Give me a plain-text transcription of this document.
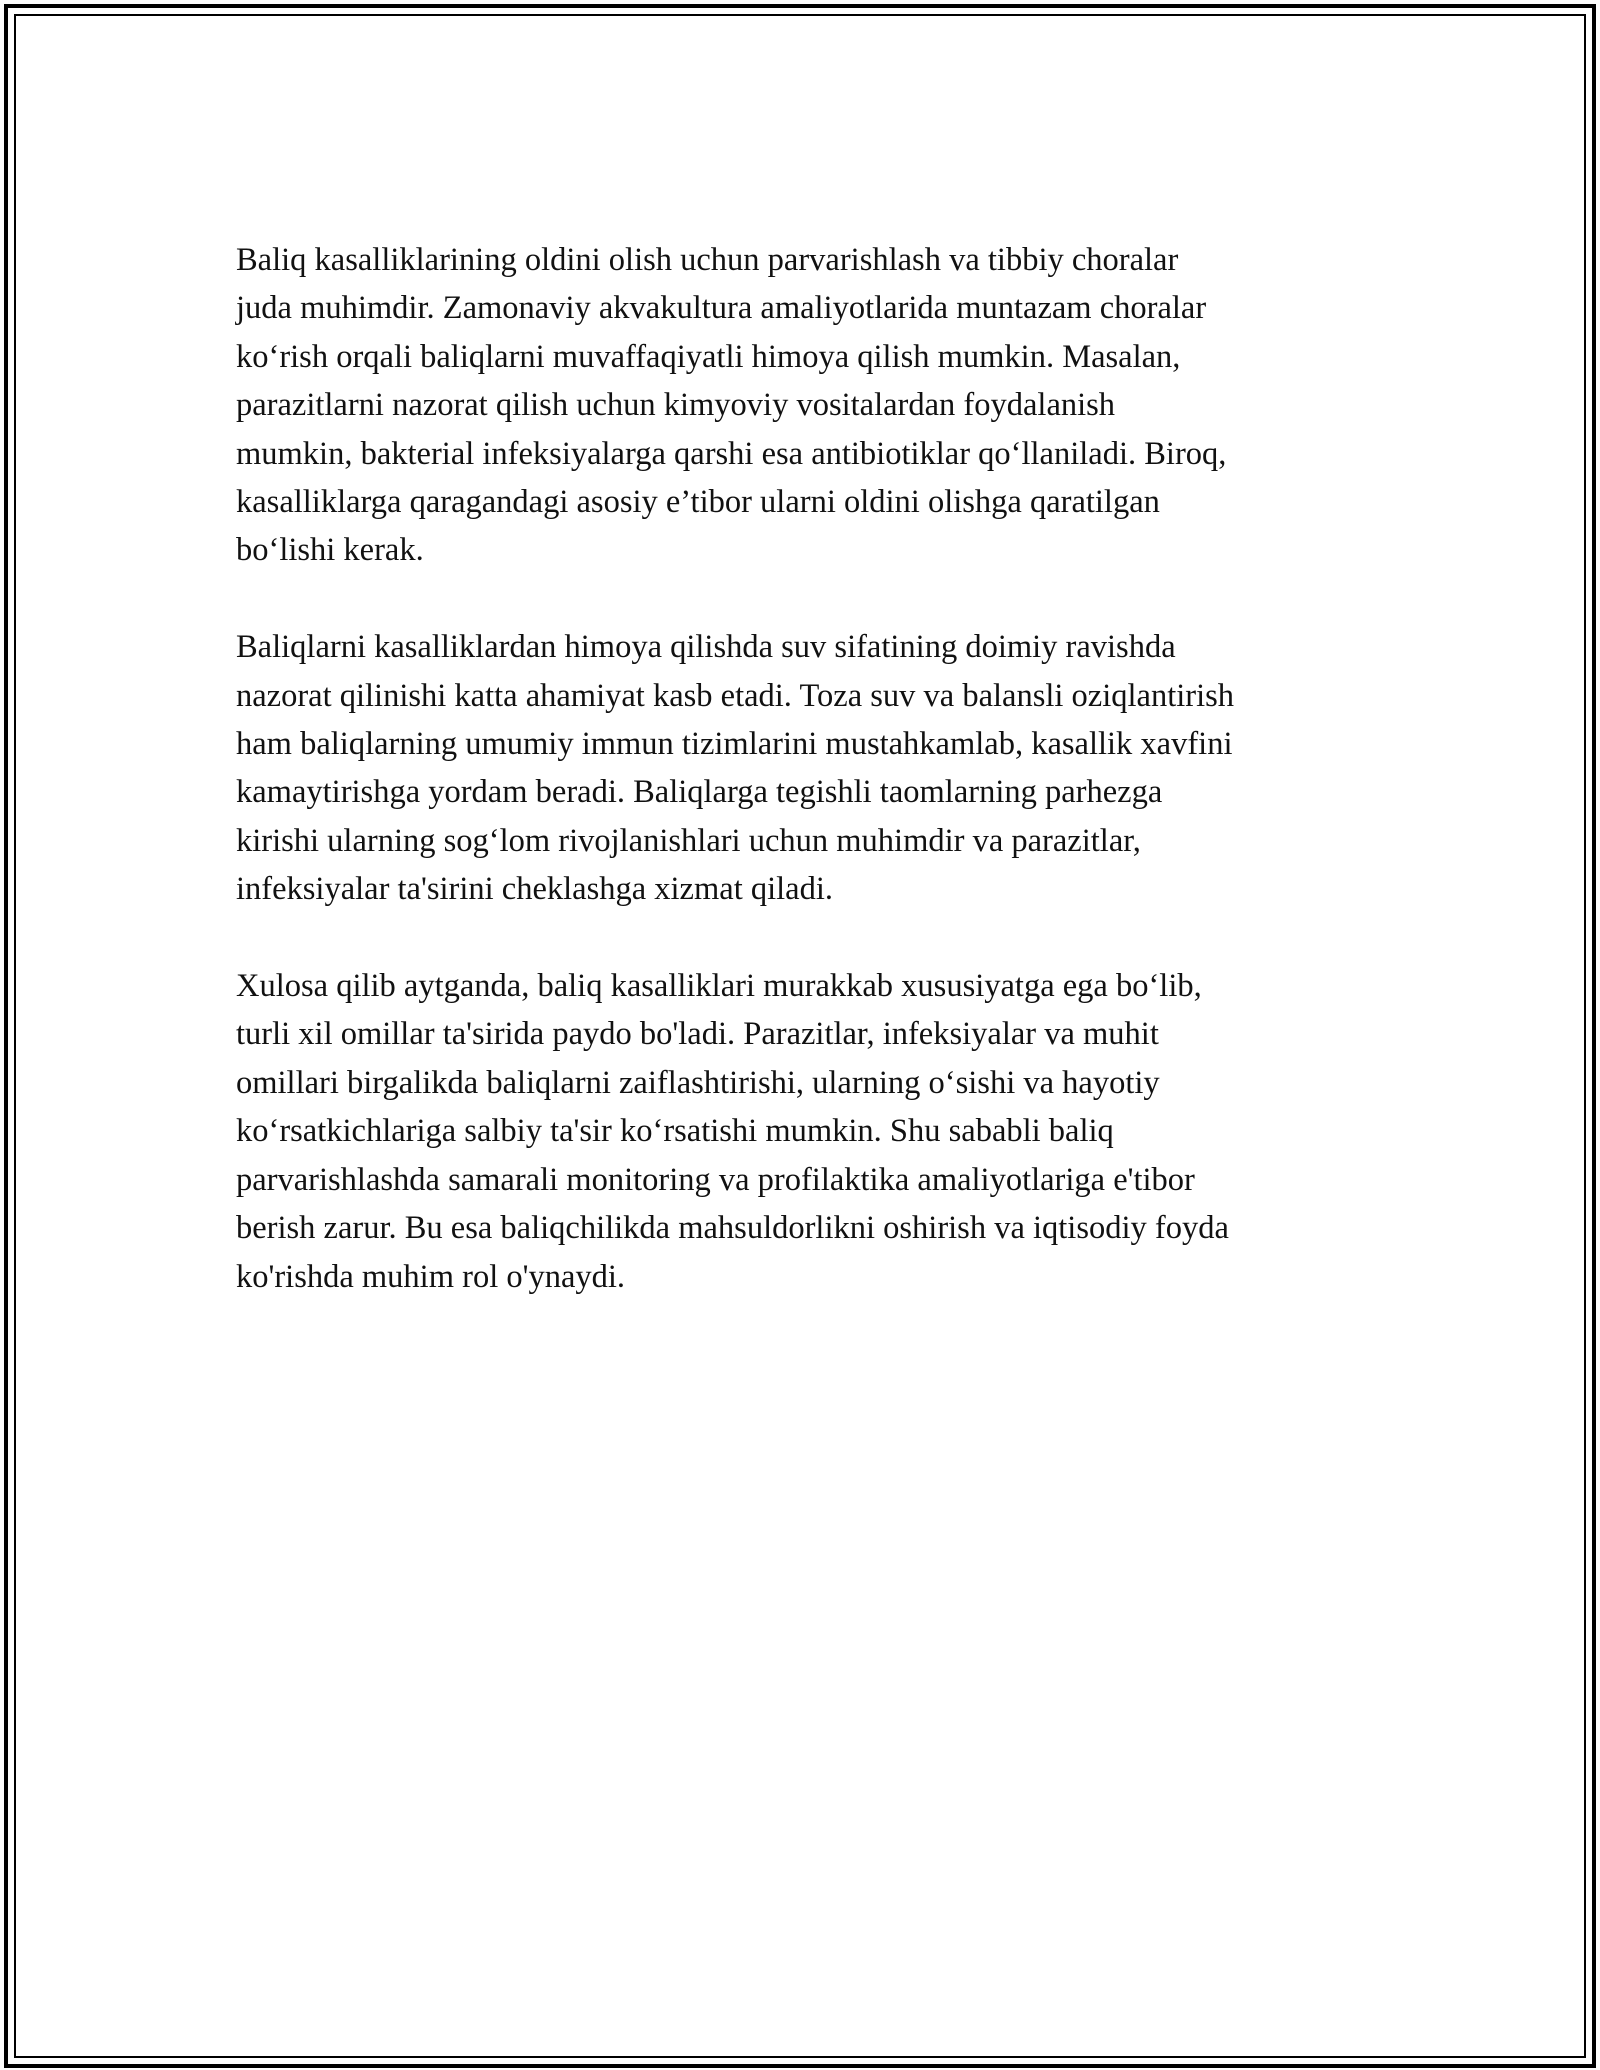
Baliq kasalliklarining oldini olish uchun parvarishlash va tibbiy choralar
juda muhimdir. Zamonaviy akvakultura amaliyotlarida muntazam choralar
ko‘rish orqali baliqlarni muvaffaqiyatli himoya qilish mumkin. Masalan,
parazitlarni nazorat qilish uchun kimyoviy vositalardan foydalanish
mumkin, bakterial infeksiyalarga qarshi esa antibiotiklar qo‘llaniladi. Biroq,
kasalliklarga qaragandagi asosiy e’tibor ularni oldini olishga qaratilgan
bo‘lishi kerak.

Baliqlarni kasalliklardan himoya qilishda suv sifatining doimiy ravishda
nazorat qilinishi katta ahamiyat kasb etadi. Toza suv va balansli oziqlantirish
ham baliqlarning umumiy immun tizimlarini mustahkamlab, kasallik xavfini
kamaytirishga yordam beradi. Baliqlarga tegishli taomlarning parhezga
kirishi ularning sog‘lom rivojlanishlari uchun muhimdir va parazitlar,
infeksiyalar ta'sirini cheklashga xizmat qiladi.

Xulosa qilib aytganda, baliq kasalliklari murakkab xususiyatga ega bo‘lib,
turli xil omillar ta'sirida paydo bo'ladi. Parazitlar, infeksiyalar va muhit
omillari birgalikda baliqlarni zaiflashtirishi, ularning o‘sishi va hayotiy
ko‘rsatkichlariga salbiy ta'sir ko‘rsatishi mumkin. Shu sababli baliq
parvarishlashda samarali monitoring va profilaktika amaliyotlariga e'tibor
berish zarur. Bu esa baliqchilikda mahsuldorlikni oshirish va iqtisodiy foyda
ko'rishda muhim rol o'ynaydi.
